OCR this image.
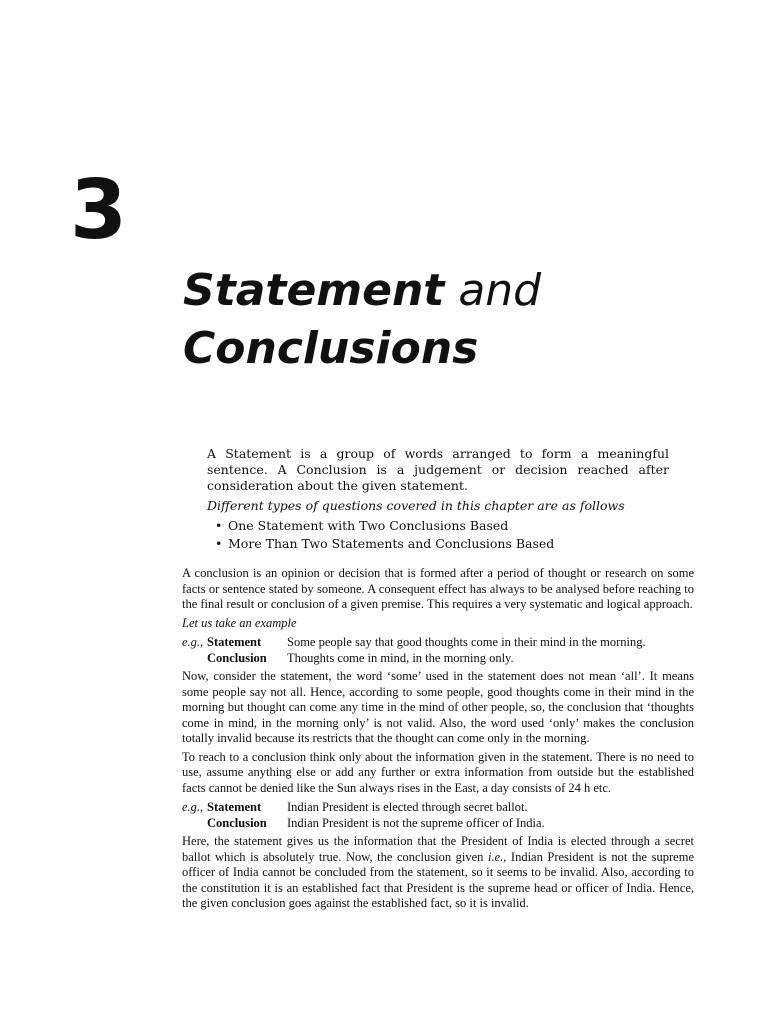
3
Statement and
Conclusions

A Statement is a group of words arranged to form a meaningful sentence. A Conclusion is a judgement or decision reached after consideration about the given statement.

Different types of questions covered in this chapter are as follows

• One Statement with Two Conclusions Based
• More Than Two Statements and Conclusions Based

A conclusion is an opinion or decision that is formed after a period of thought or research on some facts or sentence stated by someone. A consequent effect has always to be analysed before reaching to the final result or conclusion of a given premise. This requires a very systematic and logical approach.

Let us take an example

e.g., Statement	Some people say that good thoughts come in their mind in the morning.
Conclusion	Thoughts come in mind, in the morning only.

Now, consider the statement, the word ‘some’ used in the statement does not mean ‘all’. It means some people say not all. Hence, according to some people, good thoughts come in their mind in the morning but thought can come any time in the mind of other people, so, the conclusion that ‘thoughts come in mind, in the morning only’ is not valid. Also, the word used ‘only’ makes the conclusion totally invalid because its restricts that the thought can come only in the morning.

To reach to a conclusion think only about the information given in the statement. There is no need to use, assume anything else or add any further or extra information from outside but the established facts cannot be denied like the Sun always rises in the East, a day consists of 24 h etc.

e.g., Statement	Indian President is elected through secret ballot.
Conclusion	Indian President is not the supreme officer of India.

Here, the statement gives us the information that the President of India is elected through a secret ballot which is absolutely true. Now, the conclusion given i.e., Indian President is not the supreme officer of India cannot be concluded from the statement, so it seems to be invalid. Also, according to the constitution it is an established fact that President is the supreme head or officer of India. Hence, the given conclusion goes against the established fact, so it is invalid.
